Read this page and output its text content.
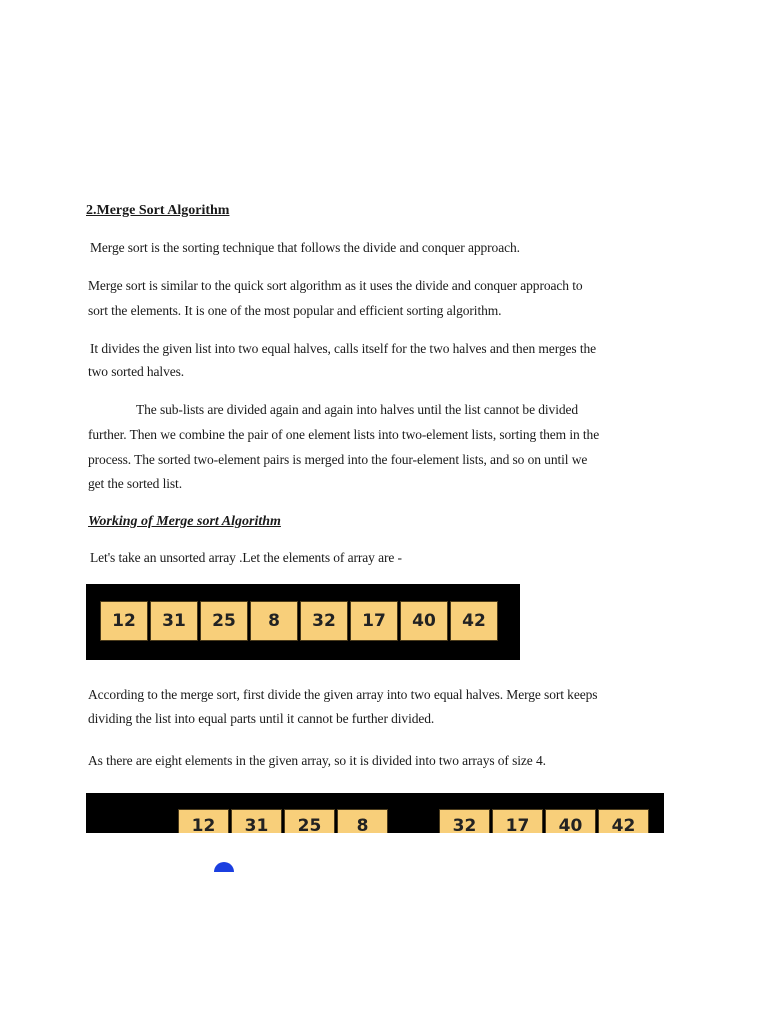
2.Merge Sort Algorithm
Merge sort is the sorting technique that follows the divide and conquer approach.
Merge sort is similar to the quick sort algorithm as it uses the divide and conquer approach to
sort the elements. It is one of the most popular and efficient sorting algorithm.
It divides the given list into two equal halves, calls itself for the two halves and then merges the
two sorted halves.
The sub-lists are divided again and again into halves until the list cannot be divided
further. Then we combine the pair of one element lists into two-element lists, sorting them in the
process. The sorted two-element pairs is merged into the four-element lists, and so on until we
get the sorted list.
Working of Merge sort Algorithm
Let's take an unsorted array .Let the elements of array are -
12	31	25	8	32	17	40	42
According to the merge sort, first divide the given array into two equal halves. Merge sort keeps
dividing the list into equal parts until it cannot be further divided.
As there are eight elements in the given array, so it is divided into two arrays of size 4.
12	31	25	8	32	17	40	42
